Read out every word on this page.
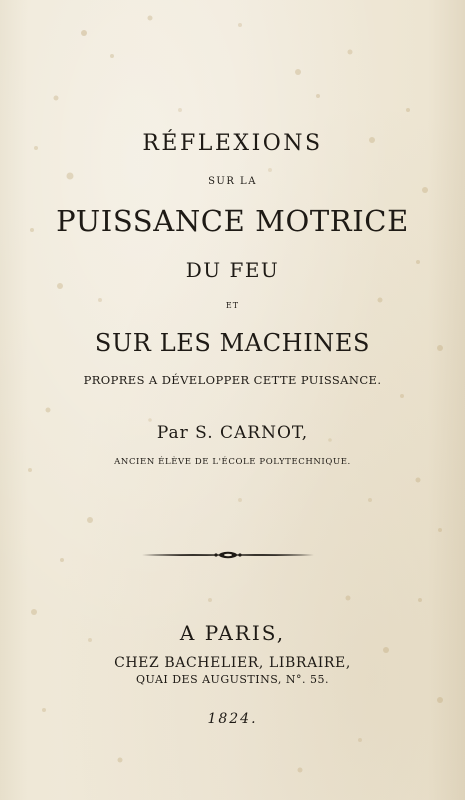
RÉFLEXIONS
SUR LA
PUISSANCE MOTRICE
DU FEU
ET
SUR LES MACHINES
PROPRES A DÉVELOPPER CETTE PUISSANCE.
Par S. CARNOT,
ANCIEN ÉLÈVE DE L'ÉCOLE POLYTECHNIQUE.
A PARIS,
CHEZ BACHELIER, LIBRAIRE,
QUAI DES AUGUSTINS, N°. 55.
1824.
